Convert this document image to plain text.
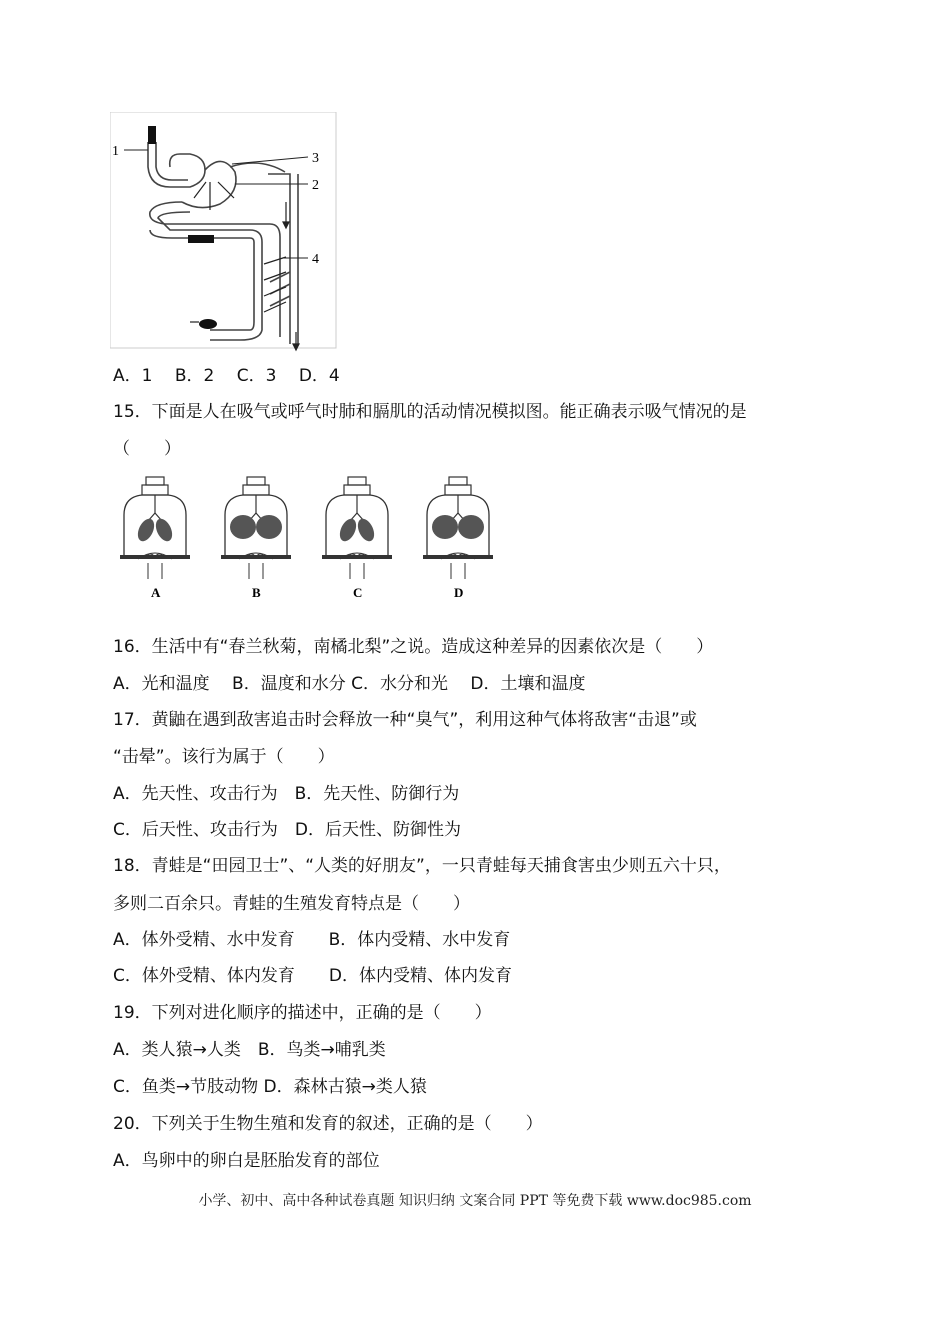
1	3
2
4
A．1　 B．2　 C．3　 D．4
15．下面是人在吸气或呼气时肺和膈肌的活动情况模拟图。能正确表示吸气情况的是
（　　）
A	B	C	D
16．生活中有“春兰秋菊，南橘北梨”之说。造成这种差异的因素依次是（　　）
A．光和温度　 B．温度和水分 C．水分和光　 D．土壤和温度
17．黄鼬在遇到敌害追击时会释放一种“臭气”，利用这种气体将敌害“击退”或
“击晕”。该行为属于（　　）
A．先天性、攻击行为　B．先天性、防御行为
C．后天性、攻击行为　D．后天性、防御性为
18．青蛙是“田园卫士”、“人类的好朋友”，一只青蛙每天捕食害虫少则五六十只，
多则二百余只。青蛙的生殖发育特点是（　　）
A．体外受精、水中发育　　B．体内受精、水中发育
C．体外受精、体内发育　　D．体内受精、体内发育
19．下列对进化顺序的描述中，正确的是（　　）
A．类人猿→人类　B．鸟类→哺乳类
C．鱼类→节肢动物 D．森林古猿→类人猿
20．下列关于生物生殖和发育的叙述，正确的是（　　）
A．鸟卵中的卵白是胚胎发育的部位
小学、初中、高中各种试卷真题 知识归纳 文案合同 PPT 等免费下载 www.doc985.com
